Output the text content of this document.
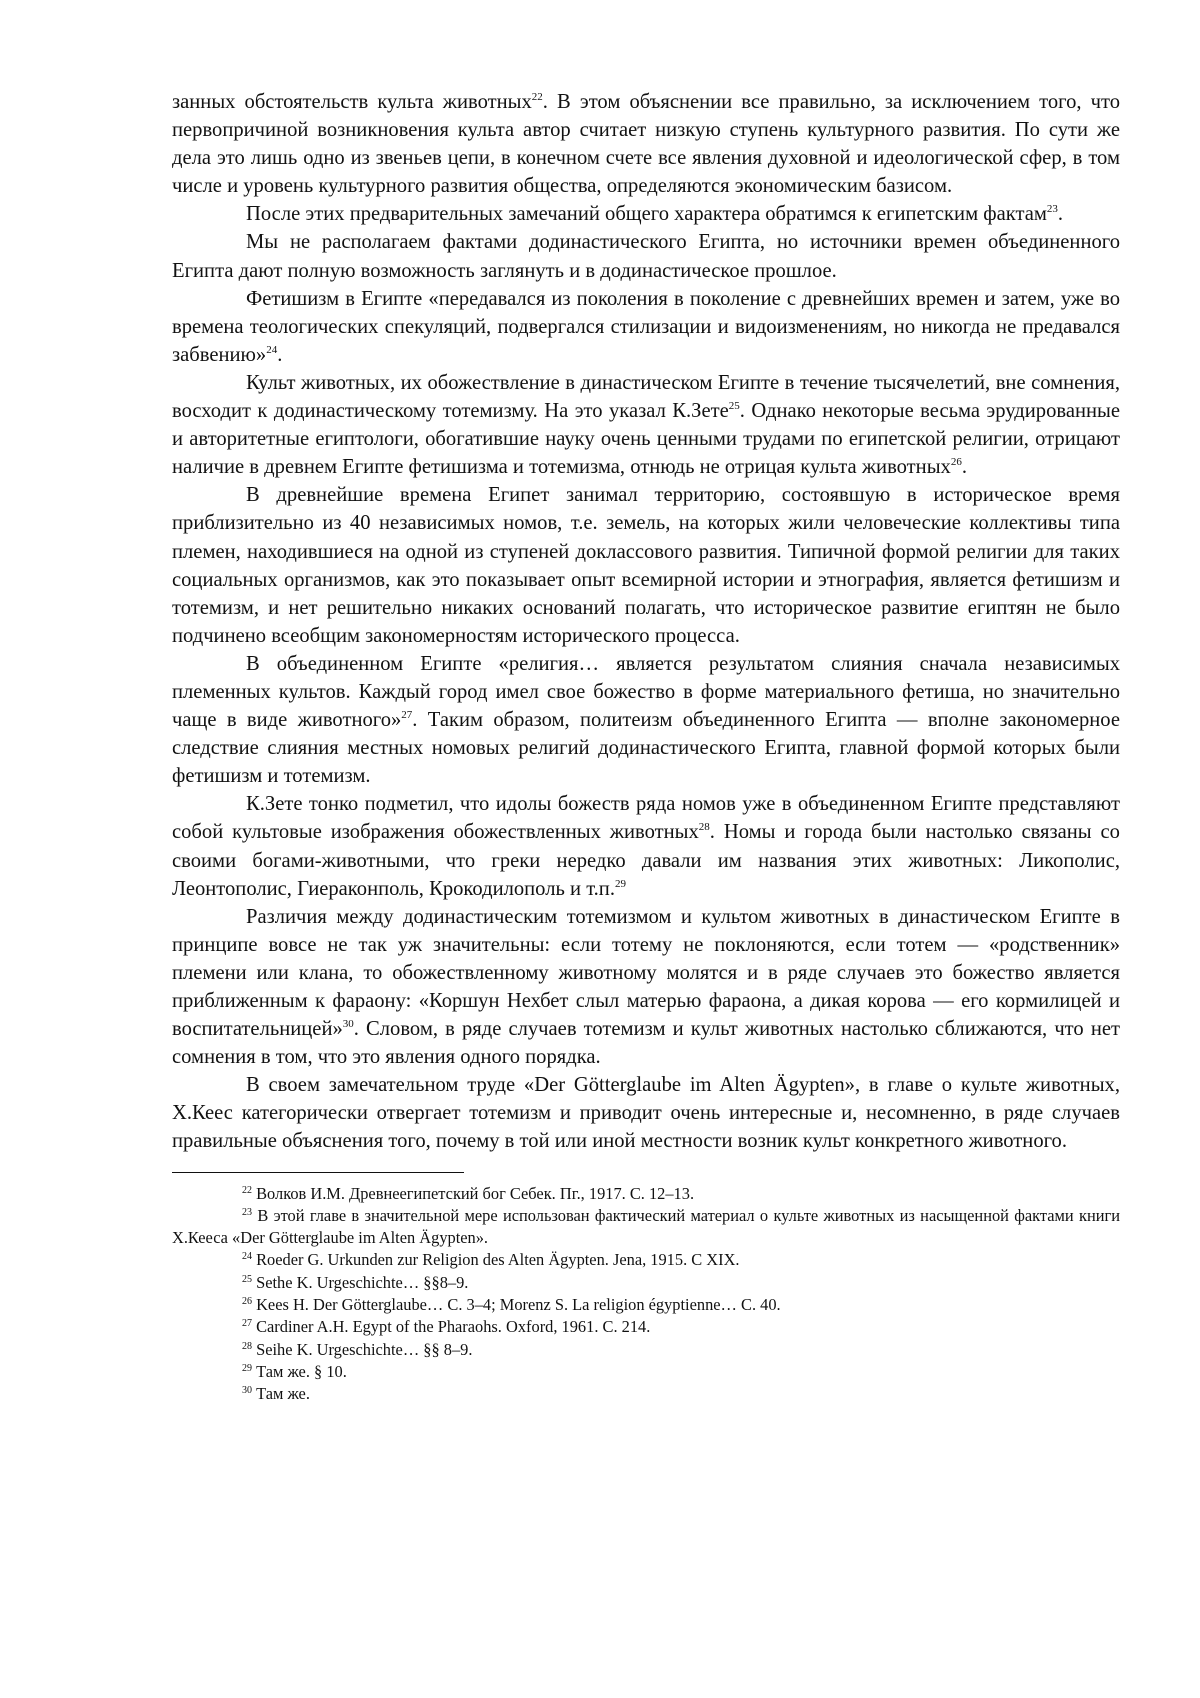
занных обстоятельств культа животных$^{22}$. В этом объяснении все правильно, за исключением того, что первопричиной возникновения культа автор считает низкую ступень культурного развития. По сути же дела это лишь одно из звеньев цепи, в конечном счете все явления духовной и идеологической сфер, в том числе и уровень культурного развития общества, определяются экономическим базисом.

После этих предварительных замечаний общего характера обратимся к египетским фактам$^{23}$.

Мы не располагаем фактами додинастического Египта, но источники времен объединенного Египта дают полную возможность заглянуть и в додинастическое прошлое.

Фетишизм в Египте «передавался из поколения в поколение с древнейших времен и затем, уже во времена теологических спекуляций, подвергался стилизации и видоизменениям, но никогда не предавался забвению»$^{24}$.

Культ животных, их обожествление в династическом Египте в течение тысячелетий, вне сомнения, восходит к додинастическому тотемизму. На это указал К.Зете$^{25}$. Однако некоторые весьма эрудированные и авторитетные египтологи, обогатившие науку очень ценными трудами по египетской религии, отрицают наличие в древнем Египте фетишизма и тотемизма, отнюдь не отрицая культа животных$^{26}$.

В древнейшие времена Египет занимал территорию, состоявшую в историческое время приблизительно из 40 независимых номов, т.е. земель, на которых жили человеческие коллективы типа племен, находившиеся на одной из ступеней доклассового развития. Типичной формой религии для таких социальных организмов, как это показывает опыт всемирной истории и этнография, является фетишизм и тотемизм, и нет решительно никаких оснований полагать, что историческое развитие египтян не было подчинено всеобщим закономерностям исторического процесса.

В объединенном Египте «религия… является результатом слияния сначала независимых племенных культов. Каждый город имел свое божество в форме материального фетиша, но значительно чаще в виде животного»$^{27}$. Таким образом, политеизм объединенного Египта — вполне закономерное следствие слияния местных номовых религий додинастического Египта, главной формой которых были фетишизм и тотемизм.

К.Зете тонко подметил, что идолы божеств ряда номов уже в объединенном Египте представляют собой культовые изображения обожествленных животных$^{28}$. Номы и города были настолько связаны со своими богами-животными, что греки нередко давали им названия этих животных: Ликополис, Леонтополис, Гиераконполь, Крокодилополь и т.п.$^{29}$

Различия между додинастическим тотемизмом и культом животных в династическом Египте в принципе вовсе не так уж значительны: если тотему не поклоняются, если тотем — «родственник» племени или клана, то обожествленному животному молятся и в ряде случаев это божество является приближенным к фараону: «Коршун Нехбет слыл матерью фараона, а дикая корова — его кормилицей и воспитательницей»$^{30}$. Словом, в ряде случаев тотемизм и культ животных настолько сближаются, что нет сомнения в том, что это явления одного порядка.

В своем замечательном труде «Der Götterglaube im Alten Ägypten», в главе о культе животных, Х.Кеес категорически отвергает тотемизм и приводит очень интересные и, несомненно, в ряде случаев правильные объяснения того, почему в той или иной местности возник культ конкретного животного.

$^{22}$ Волков И.М. Древнеегипетский бог Себек. Пг., 1917. С. 12–13.

$^{23}$ В этой главе в значительной мере использован фактический материал о культе животных из насыщенной фактами книги Х.Кееса «Der Götterglaube im Alten Ägypten».

$^{24}$ Roeder G. Urkunden zur Religion des Alten Ägypten. Jena, 1915. C XIX.

$^{25}$ Sethe K. Urgeschichte… §§8–9.

$^{26}$ Kees H. Der Götterglaube… C. 3–4; Morenz S. La religion égyptienne… C. 40.

$^{27}$ Cardiner A.H. Egypt of the Pharaohs. Oxford, 1961. C. 214.

$^{28}$ Seihe K. Urgeschichte… §§ 8–9.

$^{29}$ Там же. § 10.

$^{30}$ Там же.
